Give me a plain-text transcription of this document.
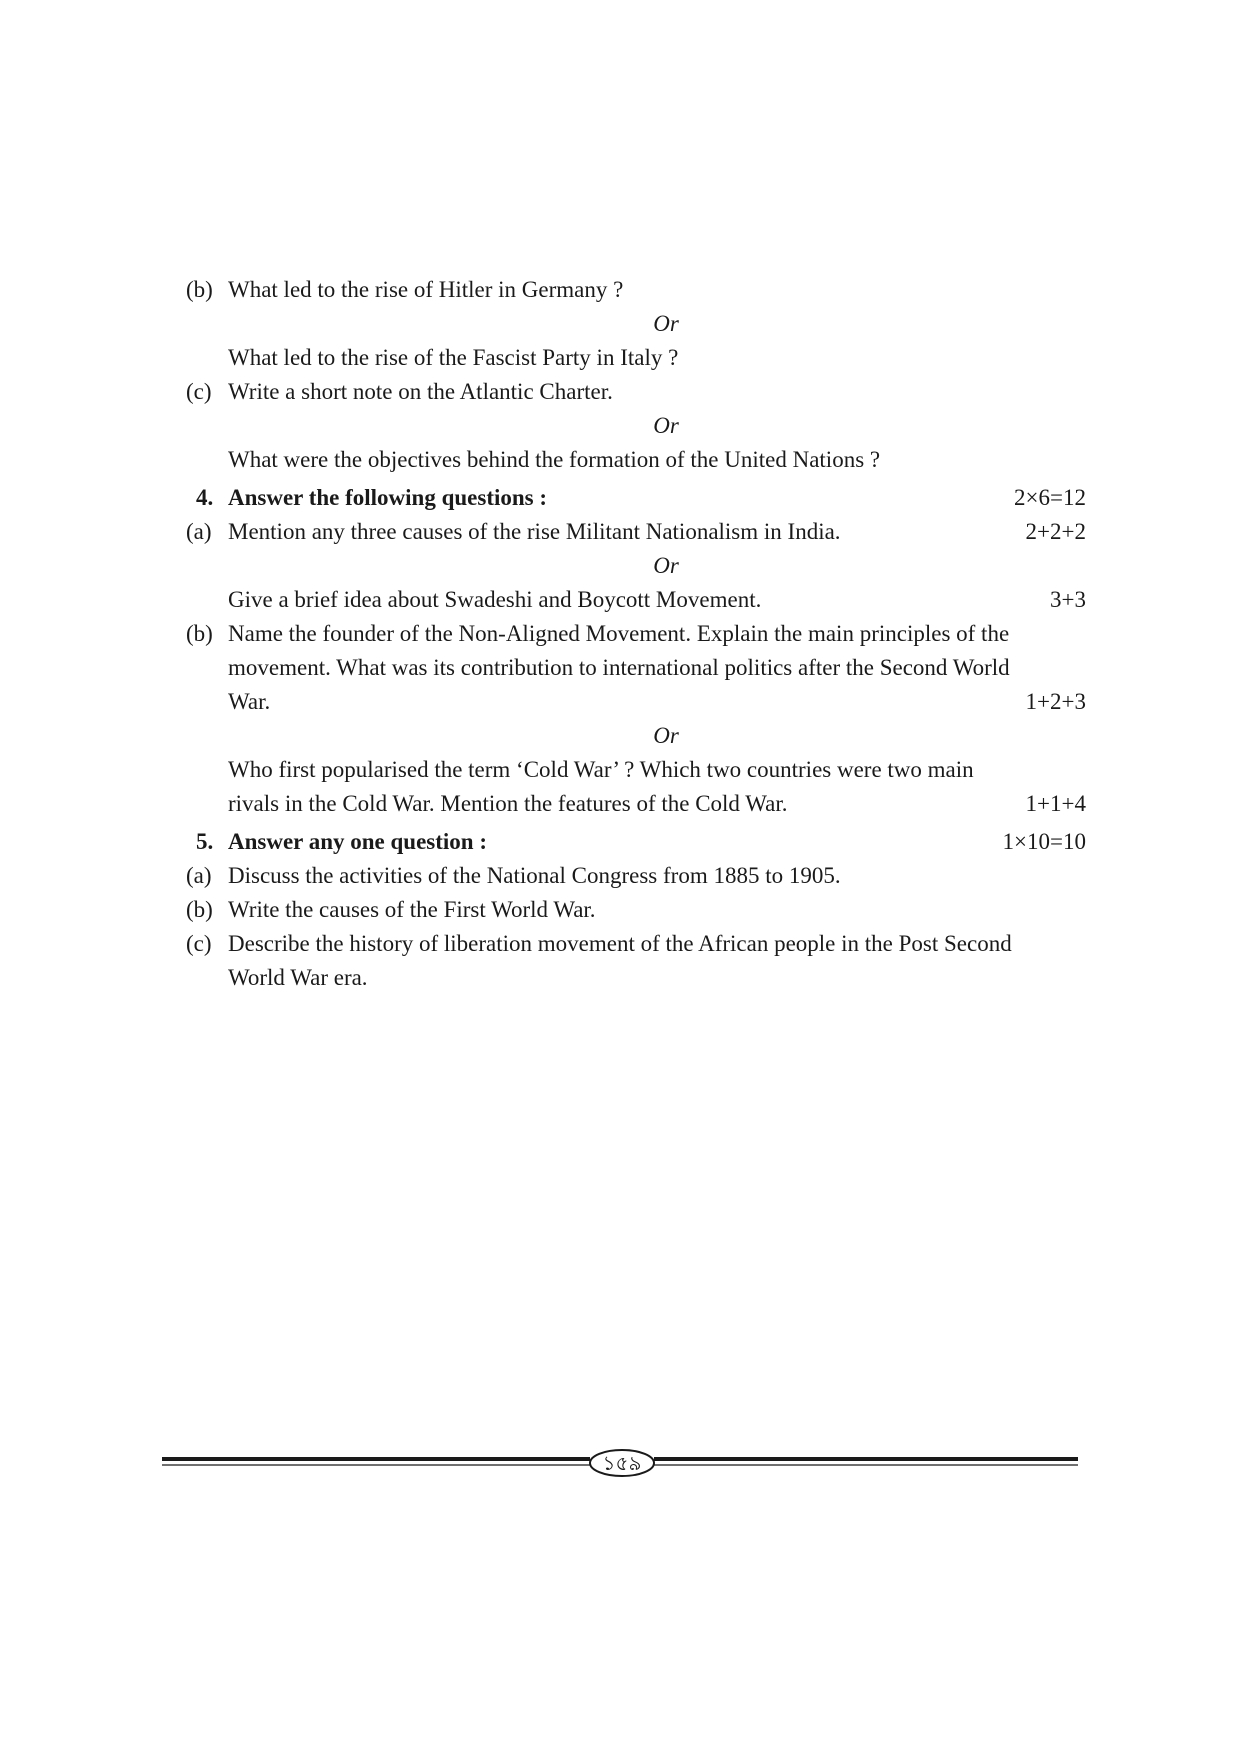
(b) What led to the rise of Hitler in Germany ?
Or
What led to the rise of the Fascist Party in Italy ?
(c) Write a short note on the Atlantic Charter.
Or
What were the objectives behind the formation of the United Nations ?
4. Answer the following questions :	2×6=12
(a) Mention any three causes of the rise Militant Nationalism in India.	2+2+2
Or
Give a brief idea about Swadeshi and Boycott Movement.	3+3
(b) Name the founder of the Non-Aligned Movement. Explain the main principles of the
movement. What was its contribution to international politics after the Second World
War.	1+2+3
Or
Who first popularised the term ‘Cold War’ ? Which two countries were two main
rivals in the Cold War. Mention the features of the Cold War.	1+1+4
5. Answer any one question :	1×10=10
(a) Discuss the activities of the National Congress from 1885 to 1905.
(b) Write the causes of the First World War.
(c) Describe the history of liberation movement of the African people in the Post Second
World War era.
১৫৯
